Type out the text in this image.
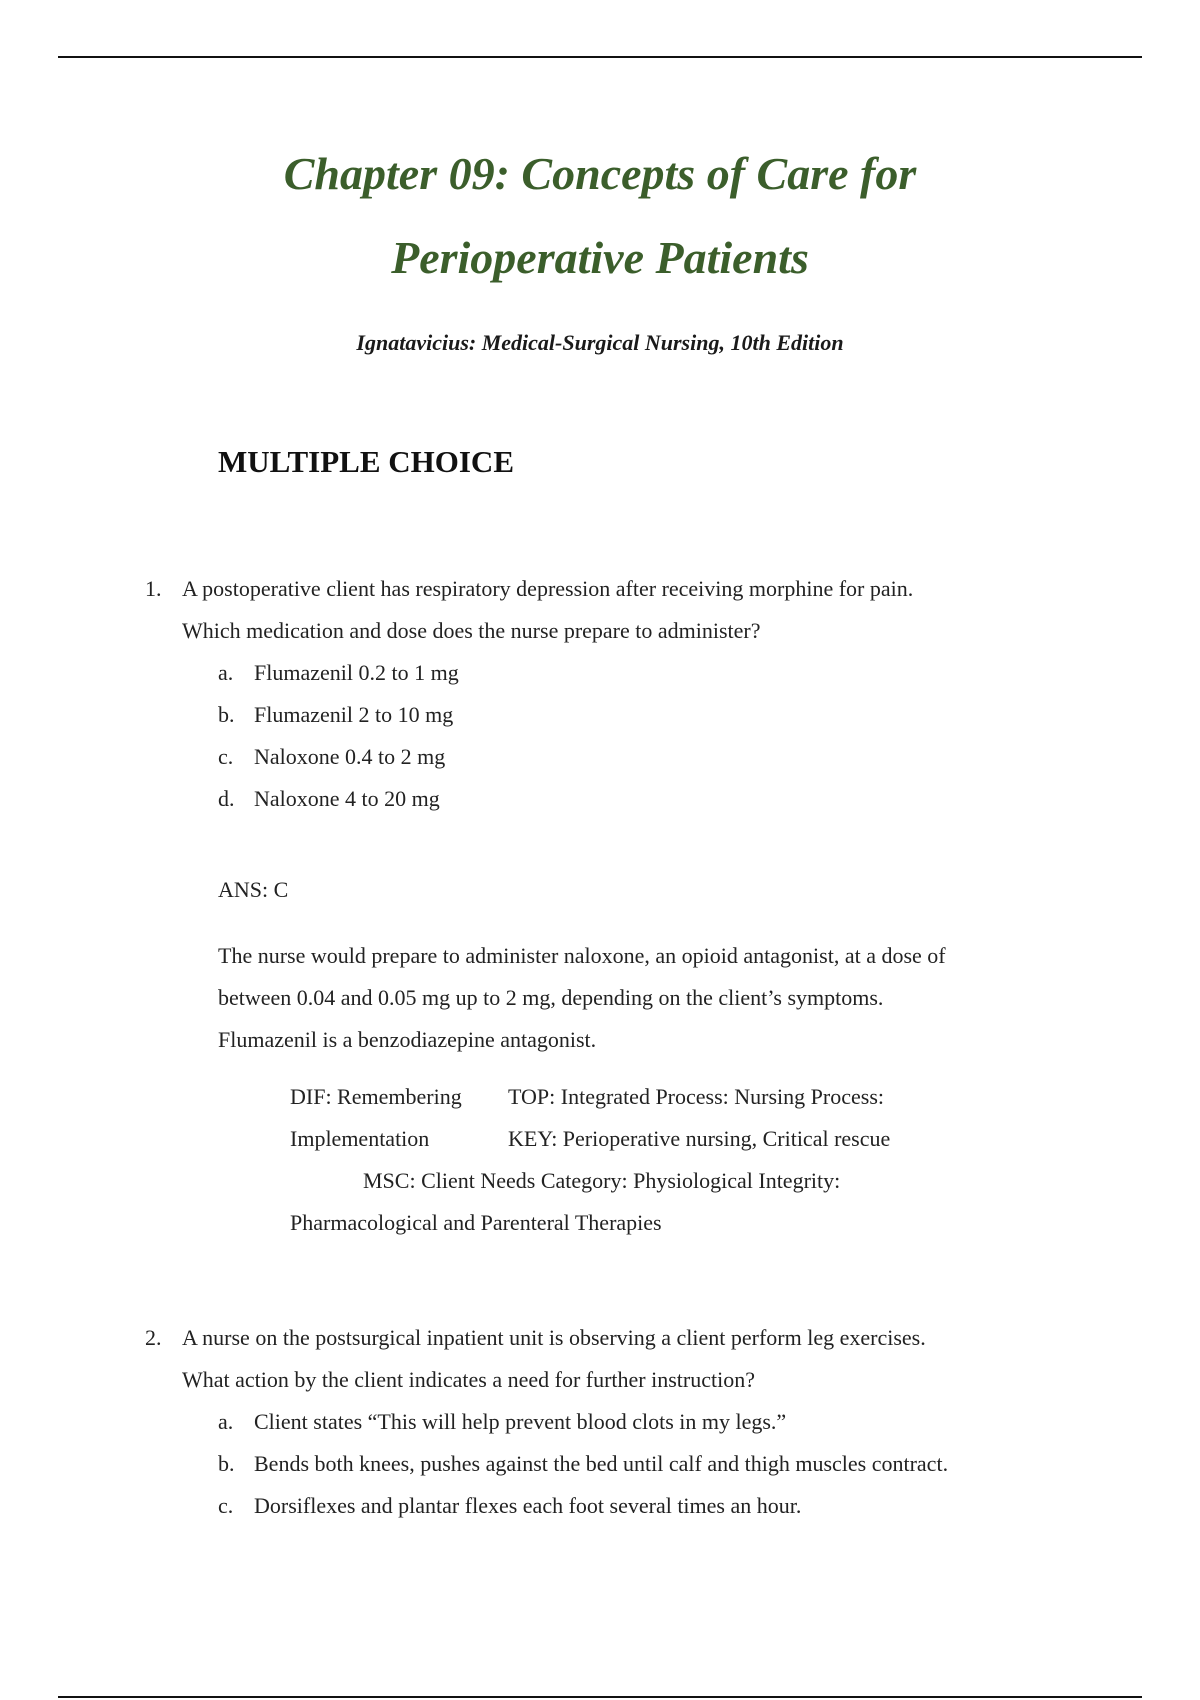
Chapter 09: Concepts of Care for
Perioperative Patients
Ignatavicius: Medical-Surgical Nursing, 10th Edition
MULTIPLE CHOICE
1. A postoperative client has respiratory depression after receiving morphine for pain.
Which medication and dose does the nurse prepare to administer?
a. Flumazenil 0.2 to 1 mg
b. Flumazenil 2 to 10 mg
c. Naloxone 0.4 to 2 mg
d. Naloxone 4 to 20 mg
ANS: C
The nurse would prepare to administer naloxone, an opioid antagonist, at a dose of
between 0.04 and 0.05 mg up to 2 mg, depending on the client’s symptoms.
Flumazenil is a benzodiazepine antagonist.
DIF: Remembering TOP: Integrated Process: Nursing Process:
Implementation	KEY: Perioperative nursing, Critical rescue
MSC: Client Needs Category: Physiological Integrity:
Pharmacological and Parenteral Therapies
2. A nurse on the postsurgical inpatient unit is observing a client perform leg exercises.
What action by the client indicates a need for further instruction?
a. Client states “This will help prevent blood clots in my legs.”
b. Bends both knees, pushes against the bed until calf and thigh muscles contract.
c. Dorsiflexes and plantar flexes each foot several times an hour.
